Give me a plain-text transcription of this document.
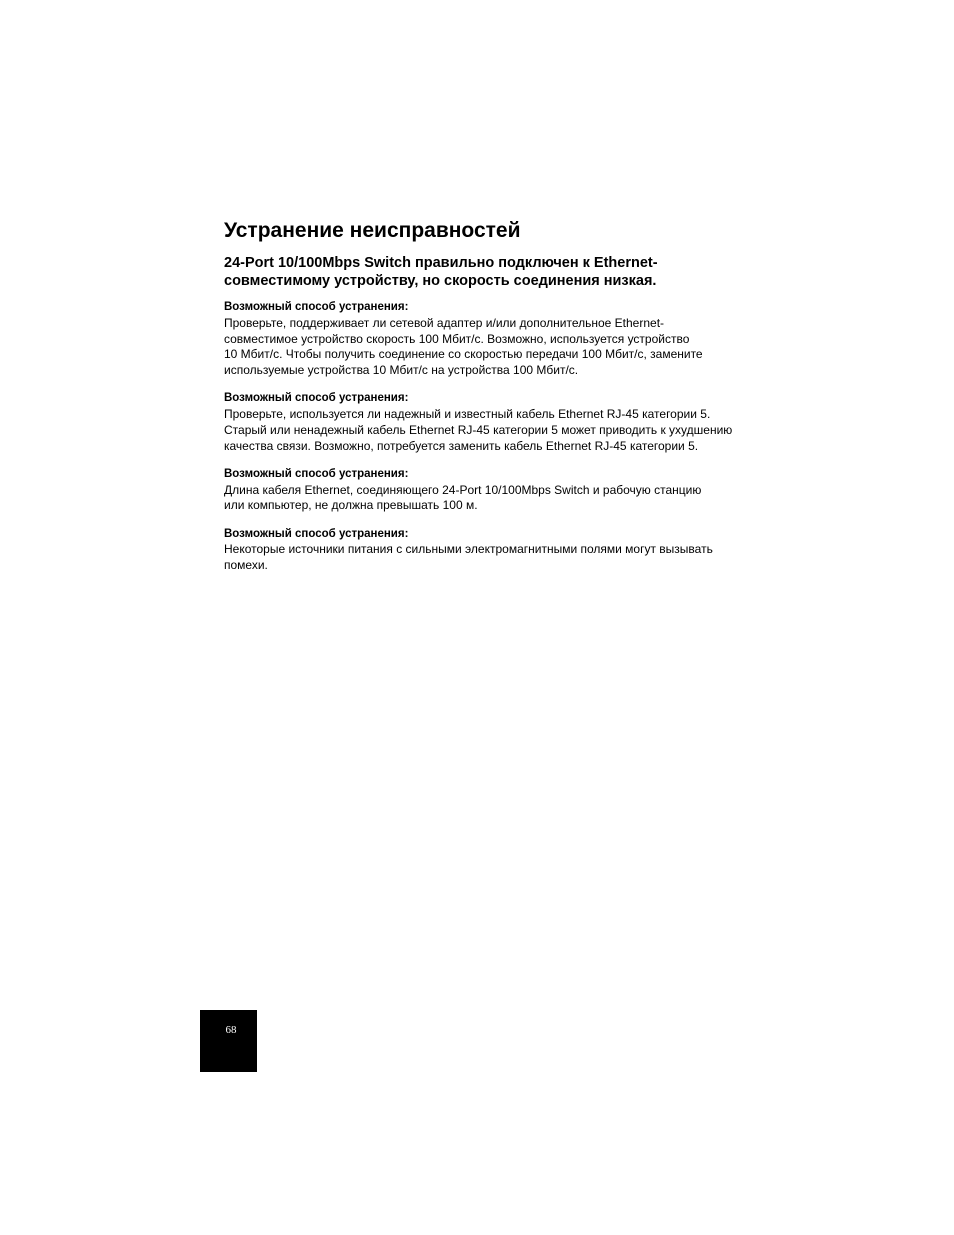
Устранение неисправностей
24-Port 10/100Mbps Switch правильно подключен к Ethernet-
совместимому устройству, но скорость соединения низкая.
Возможный способ устранения:
Проверьте, поддерживает ли сетевой адаптер и/или дополнительное Ethernet-
совместимое устройство скорость 100 Мбит/с. Возможно, используется устройство
10 Мбит/с. Чтобы получить соединение со скоростью передачи 100 Мбит/с, замените
используемые устройства 10 Мбит/с на устройства 100 Мбит/с.
Возможный способ устранения:
Проверьте, используется ли надежный и известный кабель Ethernet RJ-45 категории 5.
Старый или ненадежный кабель Ethernet RJ-45 категории 5 может приводить к ухудшению
качества связи. Возможно, потребуется заменить кабель Ethernet RJ-45 категории 5.
Возможный способ устранения:
Длина кабеля Ethernet, соединяющего 24-Port 10/100Mbps Switch и рабочую станцию
или компьютер, не должна превышать 100 м.
Возможный способ устранения:
Некоторые источники питания с сильными электромагнитными полями могут вызывать
помехи.
68
